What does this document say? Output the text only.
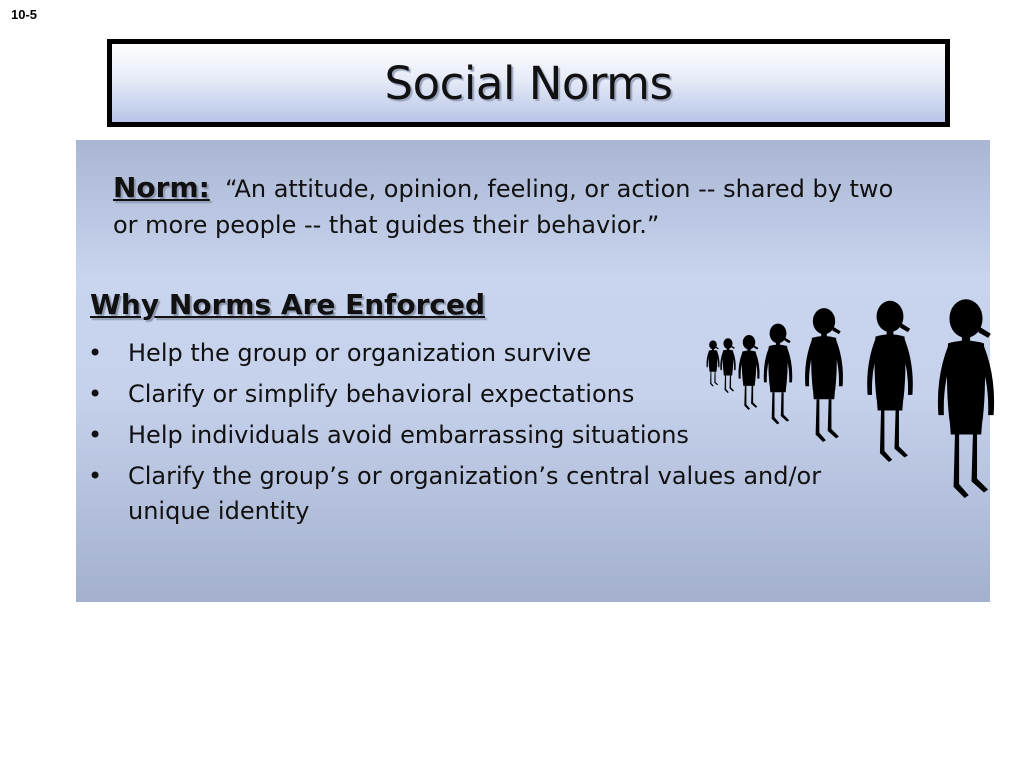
10-5
Social Norms
Norm: “An attitude, opinion, feeling, or action -- shared by two or more people -- that guides their behavior.”
Why Norms Are Enforced
• Help the group or organization survive
• Clarify or simplify behavioral expectations
• Help individuals avoid embarrassing situations
• Clarify the group’s or organization’s central values and/or unique identity
